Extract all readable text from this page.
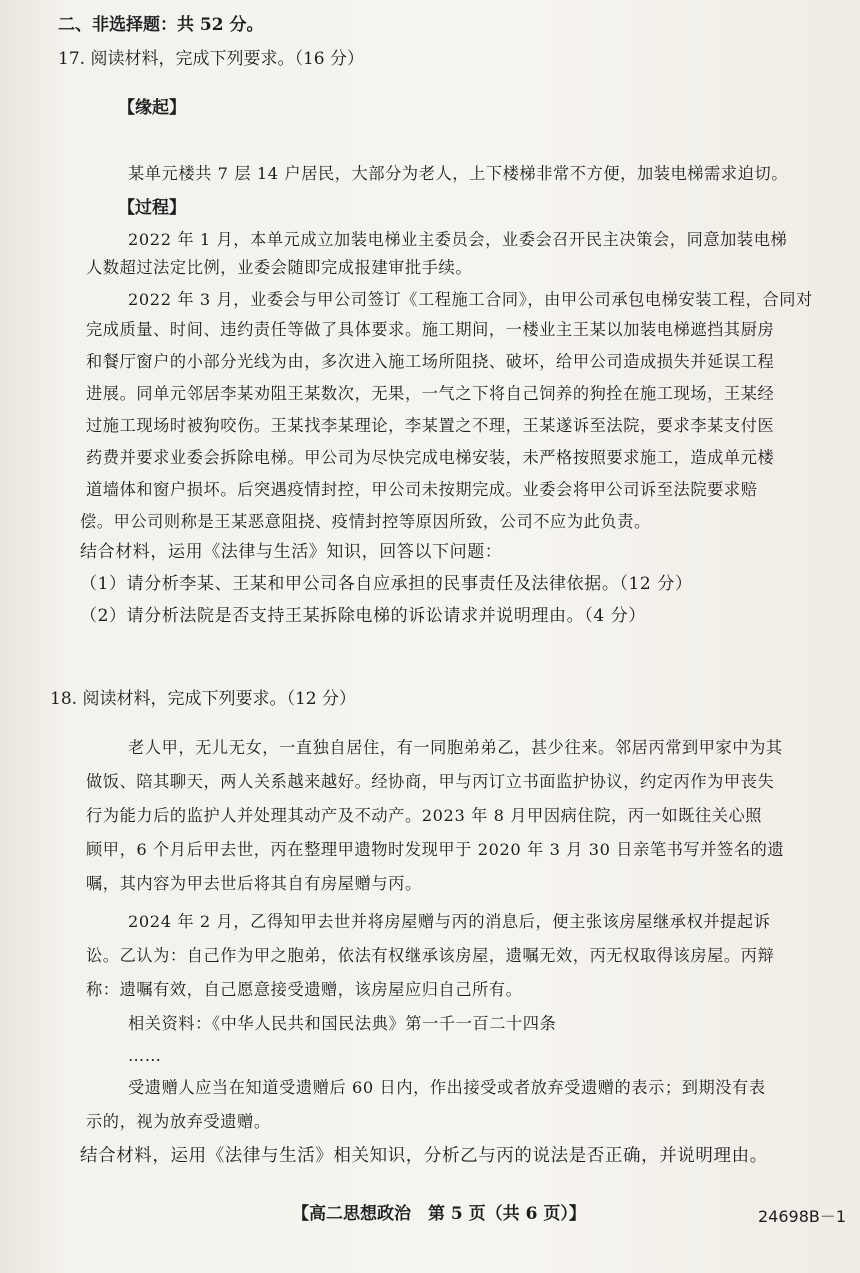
二、非选择题：共 52 分。
17. 阅读材料，完成下列要求。（16 分）
【缘起】
某单元楼共 7 层 14 户居民，大部分为老人，上下楼梯非常不方便，加装电梯需求迫切。
【过程】
2022 年 1 月，本单元成立加装电梯业主委员会，业委会召开民主决策会，同意加装电梯
人数超过法定比例，业委会随即完成报建审批手续。
2022 年 3 月，业委会与甲公司签订《工程施工合同》，由甲公司承包电梯安装工程，合同对
完成质量、时间、违约责任等做了具体要求。施工期间，一楼业主王某以加装电梯遮挡其厨房
和餐厅窗户的小部分光线为由，多次进入施工场所阻挠、破坏，给甲公司造成损失并延误工程
进展。同单元邻居李某劝阻王某数次，无果，一气之下将自己饲养的狗拴在施工现场，王某经
过施工现场时被狗咬伤。王某找李某理论，李某置之不理，王某遂诉至法院，要求李某支付医
药费并要求业委会拆除电梯。甲公司为尽快完成电梯安装，未严格按照要求施工，造成单元楼
道墙体和窗户损坏。后突遇疫情封控，甲公司未按期完成。业委会将甲公司诉至法院要求赔
偿。甲公司则称是王某恶意阻挠、疫情封控等原因所致，公司不应为此负责。
结合材料，运用《法律与生活》知识，回答以下问题：
（1）请分析李某、王某和甲公司各自应承担的民事责任及法律依据。（12 分）
（2）请分析法院是否支持王某拆除电梯的诉讼请求并说明理由。（4 分）
18. 阅读材料，完成下列要求。（12 分）
老人甲，无儿无女，一直独自居住，有一同胞弟弟乙，甚少往来。邻居丙常到甲家中为其
做饭、陪其聊天，两人关系越来越好。经协商，甲与丙订立书面监护协议，约定丙作为甲丧失
行为能力后的监护人并处理其动产及不动产。2023 年 8 月甲因病住院，丙一如既往关心照
顾甲，6 个月后甲去世，丙在整理甲遗物时发现甲于 2020 年 3 月 30 日亲笔书写并签名的遗
嘱，其内容为甲去世后将其自有房屋赠与丙。
2024 年 2 月，乙得知甲去世并将房屋赠与丙的消息后，便主张该房屋继承权并提起诉
讼。乙认为：自己作为甲之胞弟，依法有权继承该房屋，遗嘱无效，丙无权取得该房屋。丙辩
称：遗嘱有效，自己愿意接受遗赠，该房屋应归自己所有。
相关资料：《中华人民共和国民法典》第一千一百二十四条
……
受遗赠人应当在知道受遗赠后 60 日内，作出接受或者放弃受遗赠的表示；到期没有表
示的，视为放弃受遗赠。
结合材料，运用《法律与生活》相关知识，分析乙与丙的说法是否正确，并说明理由。
【高二思想政治　第 5 页（共 6 页）】	24698B－1
